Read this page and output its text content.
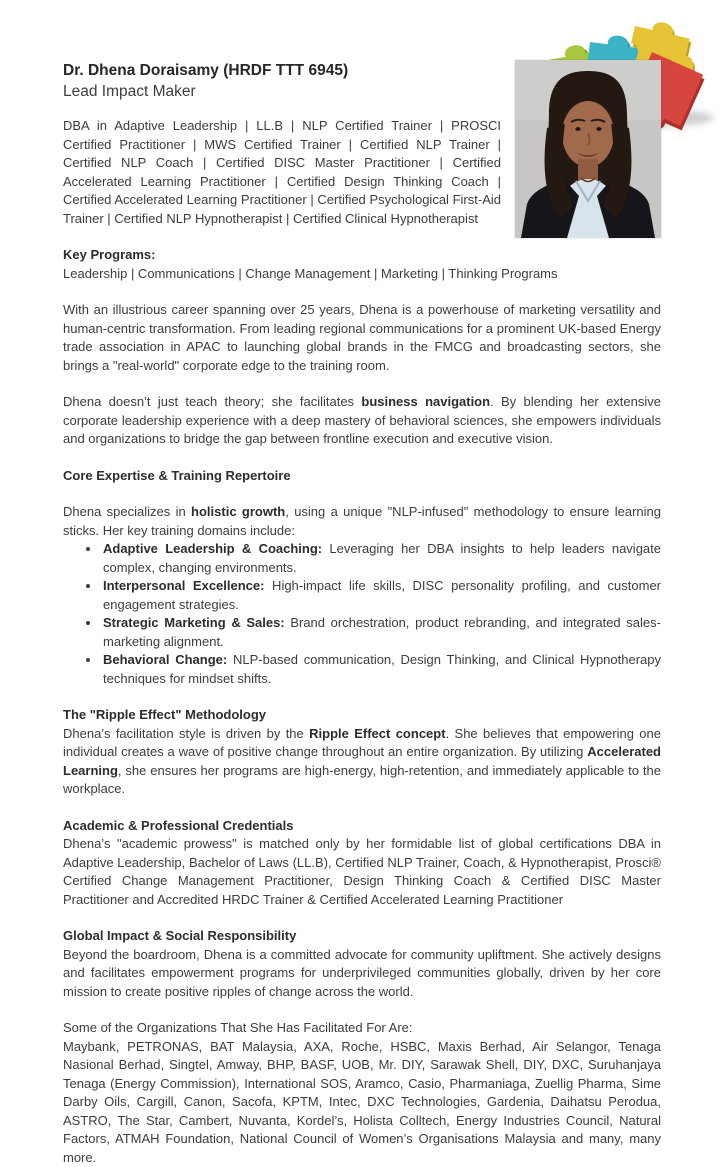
Dr. Dhena Doraisamy (HRDF TTT 6945)
Lead Impact Maker

DBA in Adaptive Leadership | LL.B | NLP Certified Trainer | PROSCI Certified Practitioner | MWS Certified Trainer | Certified NLP Trainer | Certified NLP Coach | Certified DISC Master Practitioner | Certified Accelerated Learning Practitioner | Certified Design Thinking Coach | Certified Accelerated Learning Practitioner | Certified Psychological First-Aid Trainer | Certified NLP Hypnotherapist | Certified Clinical Hypnotherapist

Key Programs:

Leadership | Communications | Change Management | Marketing | Thinking Programs

With an illustrious career spanning over 25 years, Dhena is a powerhouse of marketing versatility and human-centric transformation. From leading regional communications for a prominent UK-based Energy trade association in APAC to launching global brands in the FMCG and broadcasting sectors, she brings a "real-world" corporate edge to the training room.

Dhena doesn’t just teach theory; she facilitates business navigation. By blending her extensive corporate leadership experience with a deep mastery of behavioral sciences, she empowers individuals and organizations to bridge the gap between frontline execution and executive vision.

Core Expertise & Training Repertoire

Dhena specializes in holistic growth, using a unique "NLP-infused" methodology to ensure learning sticks. Her key training domains include:

• Adaptive Leadership & Coaching: Leveraging her DBA insights to help leaders navigate complex, changing environments.
• Interpersonal Excellence: High-impact life skills, DISC personality profiling, and customer engagement strategies.
• Strategic Marketing & Sales: Brand orchestration, product rebranding, and integrated sales-marketing alignment.
• Behavioral Change: NLP-based communication, Design Thinking, and Clinical Hypnotherapy techniques for mindset shifts.
The "Ripple Effect" Methodology

Dhena’s facilitation style is driven by the Ripple Effect concept. She believes that empowering one individual creates a wave of positive change throughout an entire organization. By utilizing Accelerated Learning, she ensures her programs are high-energy, high-retention, and immediately applicable to the workplace.

Academic & Professional Credentials

Dhena’s "academic prowess" is matched only by her formidable list of global certifications DBA in Adaptive Leadership, Bachelor of Laws (LL.B), Certified NLP Trainer, Coach, & Hypnotherapist, Prosci® Certified Change Management Practitioner, Design Thinking Coach & Certified DISC Master Practitioner and Accredited HRDC Trainer & Certified Accelerated Learning Practitioner

Global Impact & Social Responsibility

Beyond the boardroom, Dhena is a committed advocate for community upliftment. She actively designs and facilitates empowerment programs for underprivileged communities globally, driven by her core mission to create positive ripples of change across the world.

Some of the Organizations That She Has Facilitated For Are:

Maybank, PETRONAS, BAT Malaysia, AXA, Roche, HSBC, Maxis Berhad, Air Selangor, Tenaga Nasional Berhad, Singtel, Amway, BHP, BASF, UOB, Mr. DIY, Sarawak Shell, DIY, DXC, Suruhanjaya Tenaga (Energy Commission), International SOS, Aramco, Casio, Pharmaniaga, Zuellig Pharma, Sime Darby Oils, Cargill, Canon, Sacofa, KPTM, Intec, DXC Technologies, Gardenia, Daihatsu Perodua, ASTRO, The Star, Cambert, Nuvanta, Kordel’s, Holista Colltech, Energy Industries Council, Natural Factors, ATMAH Foundation, National Council of Women’s Organisations Malaysia and many, many more.
